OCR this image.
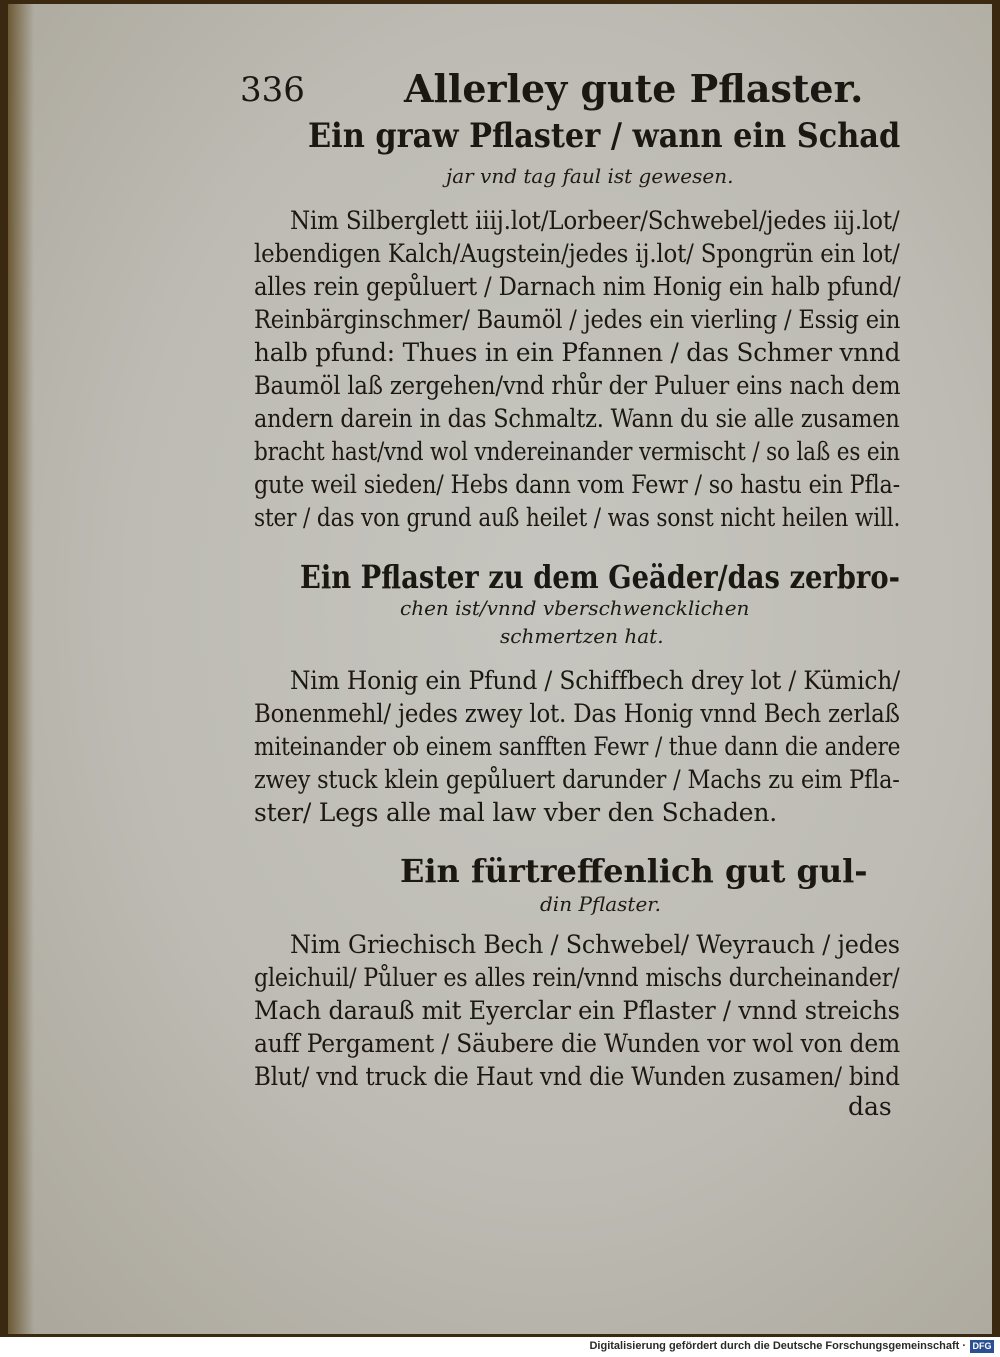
336	Allerley gute Pflaster.
Ein graw Pflaster / wann ein Schad
jar vnd tag faul ist gewesen.
Nim Silberglett iiij.lot/Lorbeer/Schwebel/jedes iij.lot/
lebendigen Kalch/Augstein/jedes ij.lot/ Spongrün ein lot/
alles rein gepůluert / Darnach nim Honig ein halb pfund/
Reinbärginschmer/ Baumöl / jedes ein vierling / Essig ein
halb pfund: Thues in ein Pfannen / das Schmer vnnd
Baumöl laß zergehen/vnd rhůr der Puluer eins nach dem
andern darein in das Schmaltz. Wann du sie alle zusamen
bracht hast/vnd wol vndereinander vermischt / so laß es ein
gute weil sieden/ Hebs dann vom Fewr / so hastu ein Pfla-
ster / das von grund auß heilet / was sonst nicht heilen will.
Ein Pflaster zu dem Geäder/das zerbro-
chen ist/vnnd vberschwencklichen
schmertzen hat.
Nim Honig ein Pfund / Schiffbech drey lot / Kümich/
Bonenmehl/ jedes zwey lot. Das Honig vnnd Bech zerlaß
miteinander ob einem sanfften Fewr / thue dann die andere
zwey stuck klein gepůluert darunder / Machs zu eim Pfla-
ster/ Legs alle mal law vber den Schaden.
Ein fürtreffenlich gut gul-
din Pflaster.
Nim Griechisch Bech / Schwebel/ Weyrauch / jedes
gleichuil/ Půluer es alles rein/vnnd mischs durcheinander/
Mach darauß mit Eyerclar ein Pflaster / vnnd streichs
auff Pergament / Säubere die Wunden vor wol von dem
Blut/ vnd truck die Haut vnd die Wunden zusamen/ bind
das
Digitalisierung gefördert durch die Deutsche Forschungsgemeinschaft · DFG
